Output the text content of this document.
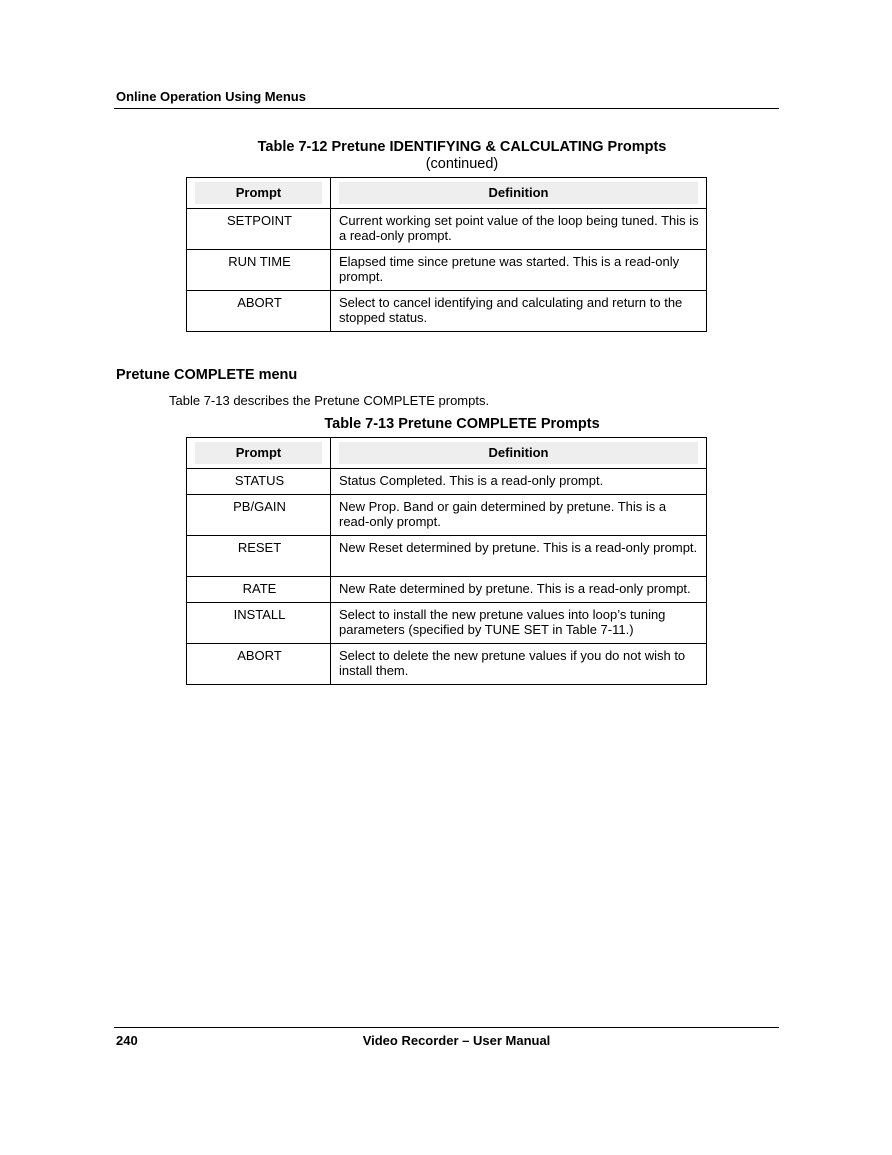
Online Operation Using Menus
Table 7-12 Pretune IDENTIFYING & CALCULATING Prompts
(continued)
Prompt	Definition

SETPOINT	Current working set point value of the loop being tuned. This is a read-only prompt.
RUN TIME	Elapsed time since pretune was started. This is a read-only prompt.
ABORT	Select to cancel identifying and calculating and return to the stopped status.
Pretune COMPLETE menu
Table 7-13 describes the Pretune COMPLETE prompts.
Table 7-13 Pretune COMPLETE Prompts
Prompt	Definition

STATUS	Status Completed. This is a read-only prompt.
PB/GAIN	New Prop. Band or gain determined by pretune. This is a read-only prompt.
RESET	New Reset determined by pretune. This is a read-only prompt.
RATE	New Rate determined by pretune. This is a read-only prompt.
INSTALL	Select to install the new pretune values into loop’s tuning parameters (specified by TUNE SET in Table 7-11.)
ABORT	Select to delete the new pretune values if you do not wish to install them.
240	Video Recorder – User Manual
